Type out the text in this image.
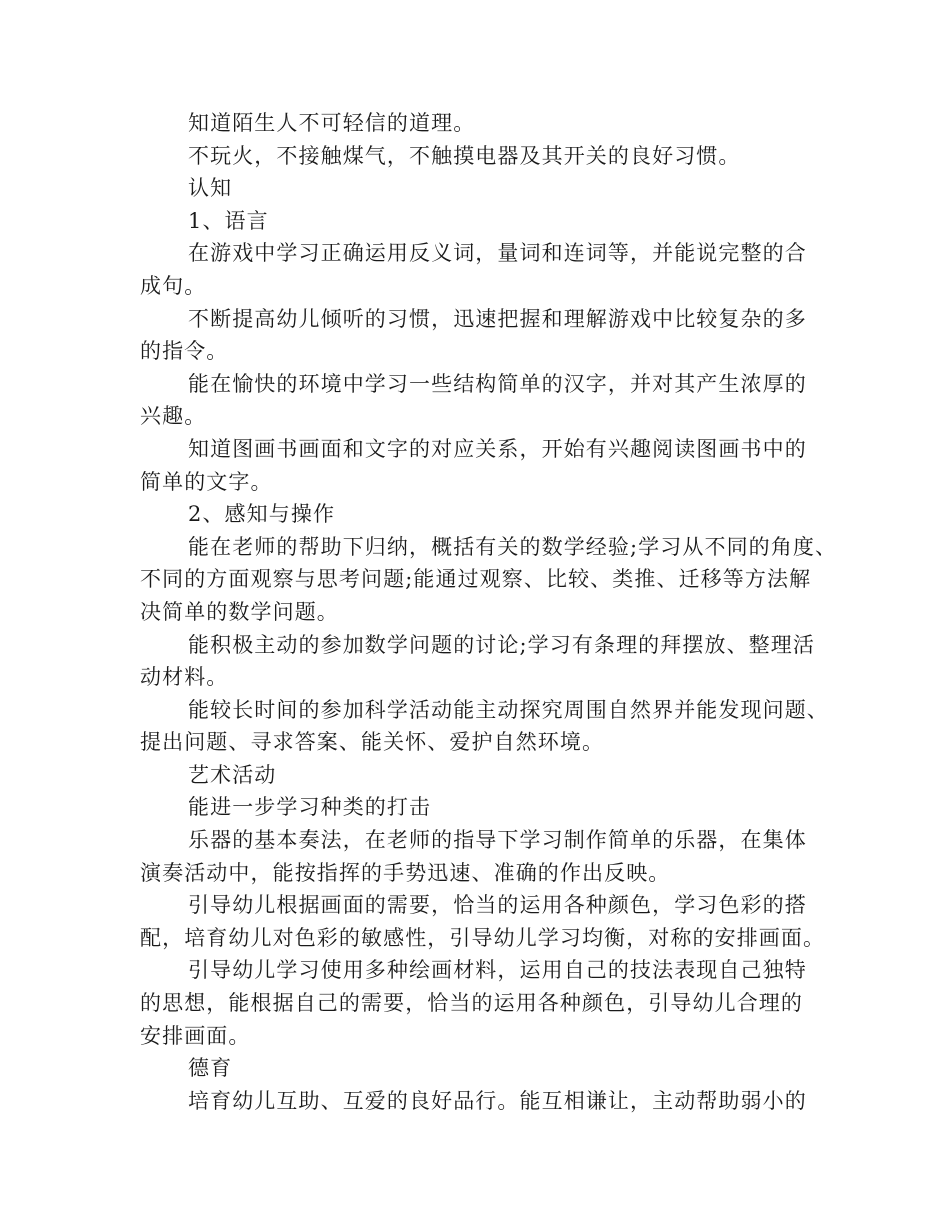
知道陌生人不可轻信的道理。
不玩火，不接触煤气，不触摸电器及其开关的良好习惯。
认知
1、语言
在游戏中学习正确运用反义词，量词和连词等，并能说完整的合
成句。
不断提高幼儿倾听的习惯，迅速把握和理解游戏中比较复杂的多
的指令。
能在愉快的环境中学习一些结构简单的汉字，并对其产生浓厚的
兴趣。
知道图画书画面和文字的对应关系，开始有兴趣阅读图画书中的
简单的文字。
2、感知与操作
能在老师的帮助下归纳，概括有关的数学经验;学习从不同的角度、
不同的方面观察与思考问题;能通过观察、比较、类推、迁移等方法解
决简单的数学问题。
能积极主动的参加数学问题的讨论;学习有条理的拜摆放、整理活
动材料。
能较长时间的参加科学活动能主动探究周围自然界并能发现问题、
提出问题、寻求答案、能关怀、爱护自然环境。
艺术活动
能进一步学习种类的打击
乐器的基本奏法，在老师的指导下学习制作简单的乐器，在集体
演奏活动中，能按指挥的手势迅速、准确的作出反映。
引导幼儿根据画面的需要，恰当的运用各种颜色，学习色彩的搭
配，培育幼儿对色彩的敏感性，引导幼儿学习均衡，对称的安排画面。
引导幼儿学习使用多种绘画材料，运用自己的技法表现自己独特
的思想，能根据自己的需要，恰当的运用各种颜色，引导幼儿合理的
安排画面。
德育
培育幼儿互助、互爱的良好品行。能互相谦让，主动帮助弱小的
